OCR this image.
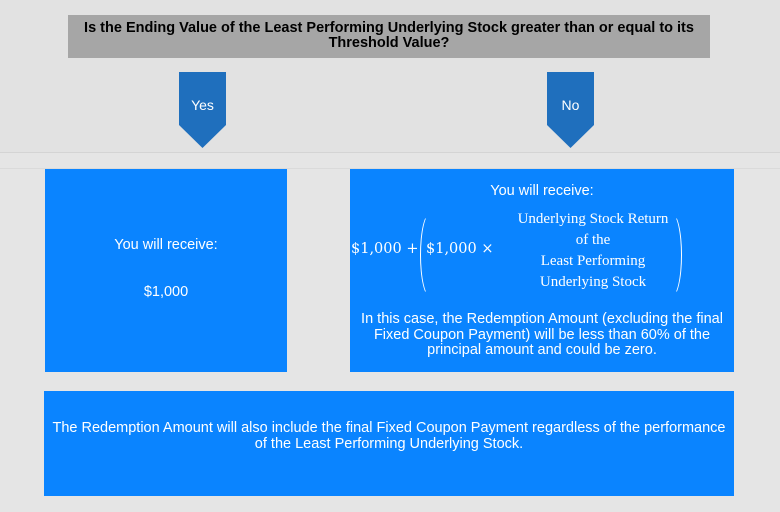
Is the Ending Value of the Least Performing Underlying Stock greater than or equal to its Threshold Value?
Yes	No
You will receive:
$1,000
You will receive:
$1,000 + $1,000 ×
Underlying Stock Return
of the
Least Performing
Underlying Stock
In this case, the Redemption Amount (excluding the final Fixed Coupon Payment) will be less than 60% of the principal amount and could be zero.
The Redemption Amount will also include the final Fixed Coupon Payment regardless of the performance of the Least Performing Underlying Stock.
